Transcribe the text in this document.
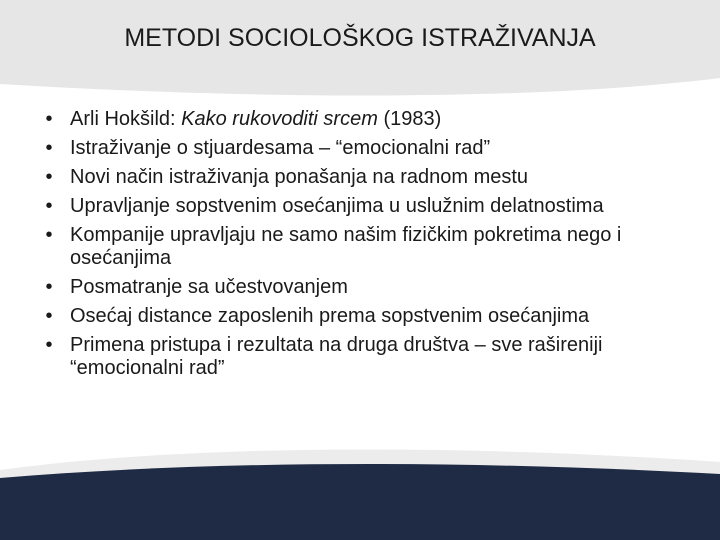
METODI SOCIOLOŠKOG ISTRAŽIVANJA
• Arli Hokšild: Kako rukovoditi srcem (1983)
• Istraživanje o stjuardesama – “emocionalni rad”
• Novi način istraživanja ponašanja na radnom mestu
• Upravljanje sopstvenim osećanjima u uslužnim delatnostima
• Kompanije upravljaju ne samo našim fizičkim pokretima nego i osećanjima
• Posmatranje sa učestvovanjem
• Osećaj distance zaposlenih prema sopstvenim osećanjima
• Primena pristupa i rezultata na druga društva – sve rašireniji “emocionalni rad”
